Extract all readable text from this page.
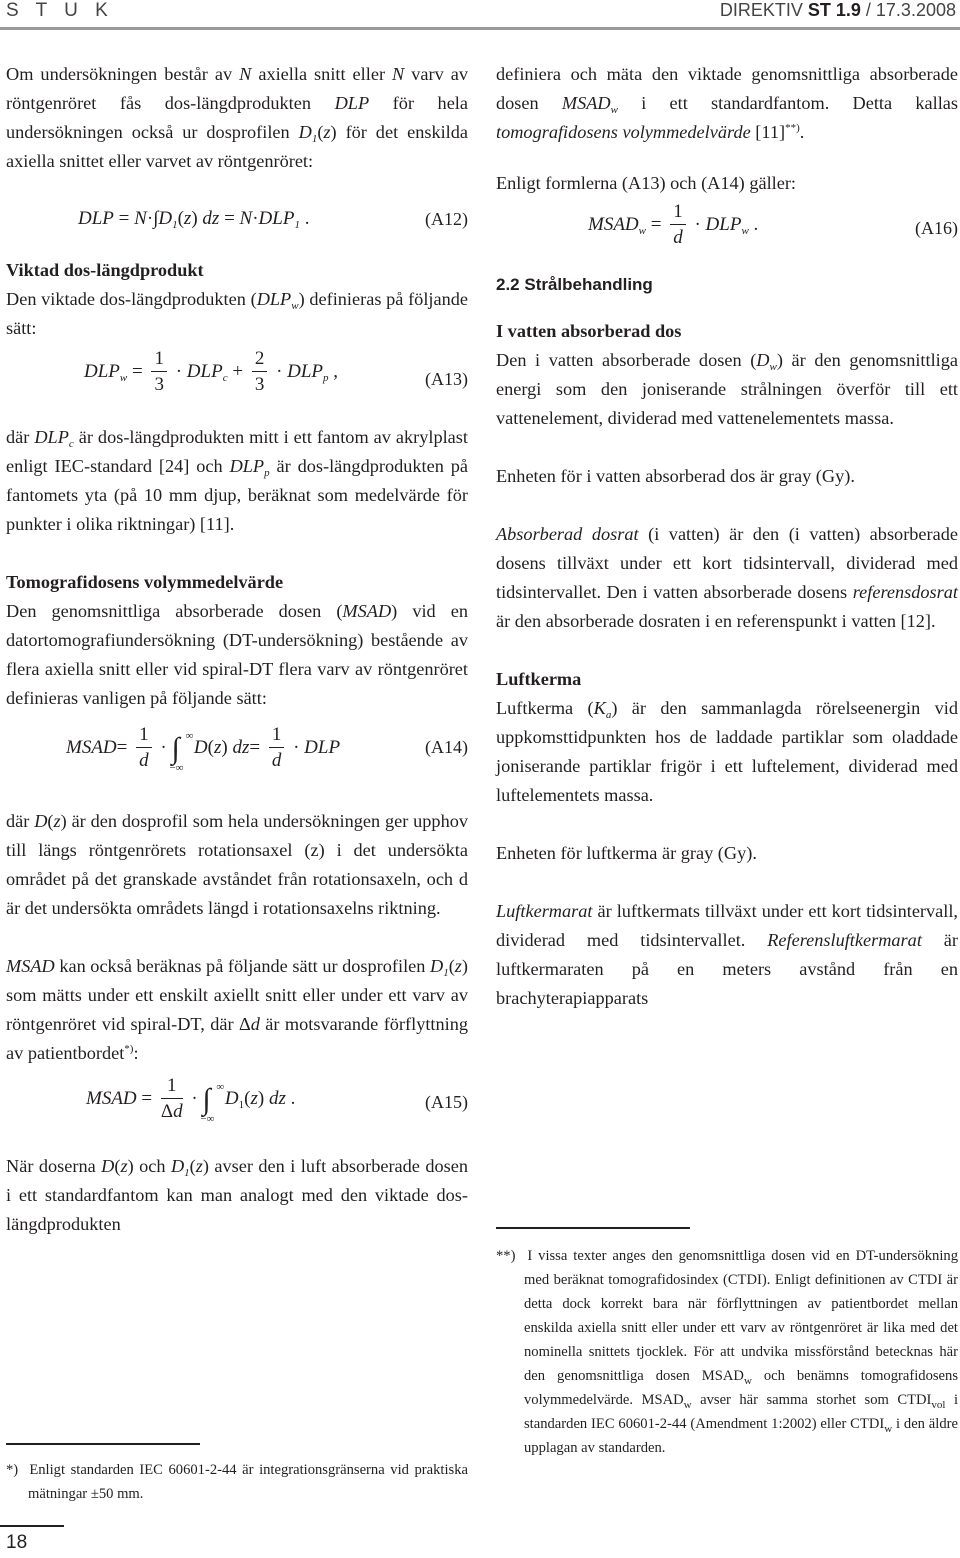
S T U K	DIREKTIV ST 1.9 / 17.3.2008

Om undersökningen består av N axiella snitt eller N varv av röntgenröret fås dos-längdprodukten DLP för hela undersökningen också ur dosprofilen $D_1(z)$ för det enskilda axiella snittet eller varvet av röntgenröret:

DLP = $N\cdot\int D_1(z)$ dz = $N\cdot DLP_1$ .	(A12)

Viktad dos-längdprodukt

Den viktade dos-längdprodukten $(DLP_w)$ definieras på följande sätt:

$DLP_w = \frac{1}{3} \cdot DLP_c + \frac{2}{3} \cdot DLP_p$ ,	(A13)

där $DLP_c$ är dos-längdprodukten mitt i ett fantom av akrylplast enligt IEC-standard [24] och $DLP_p$ är dos-längdprodukten på fantomets yta (på 10 mm djup, beräknat som medelvärde för punkter i olika riktningar) [11].

Tomografidosens volymmedelvärde

Den genomsnittliga absorberade dosen (MSAD) vid en datortomografiundersökning (DT-undersökning) bestående av flera axiella snitt eller vid spiral-DT flera varv av röntgenröret definieras vanligen på följande sätt:

MSAD= $\frac{1}{d}$ · ∫ ∞
−∞
D(z) $dz= \frac{1}{d}$ · DLP	(A14)

där D(z) är den dosprofil som hela undersökningen ger upphov till längs röntgenrörets rotationsaxel (z) i det undersökta området på det granskade avståndet från rotationsaxeln, och d är det undersökta områdets längd i rotationsaxelns riktning.

MSAD kan också beräknas på följande sätt ur dosprofilen $D_1(z)$ som mätts under ett enskilt axiellt snitt eller under ett varv av röntgenröret vid spiral-DT, där Δd är motsvarande förflyttning av patientbordet*):

MSAD = $\frac{1}{\Delta d}$ · ∫ ∞
−∞
$D_1(z)$ dz .	(A15)

När doserna D(z) och $D_1(z)$ avser den i luft absorberade dosen i ett standardfantom kan man analogt med den viktade dos-längdprodukten

*) Enligt standarden IEC 60601-2-44 är integrationsgränserna vid praktiska mätningar ±50 mm.

definiera och mäta den viktade genomsnittliga absorberade dosen $MSAD_w$ i ett standardfantom. Detta kallas tomografidosens volymmedelvärde [11]**).

Enligt formlerna (A13) och (A14) gäller:

$MSAD_w = \frac{1}{d} \cdot DLP_w$ .	(A16)

2.2 Strålbehandling

I vatten absorberad dos

Den i vatten absorberade dosen $(D_w)$ är den genomsnittliga energi som den joniserande strålningen överför till ett vattenelement, dividerad med vattenelementets massa.

Enheten för i vatten absorberad dos är gray (Gy).

Absorberad dosrat (i vatten) är den (i vatten) absorberade dosens tillväxt under ett kort tidsintervall, dividerad med tidsintervallet. Den i vatten absorberade dosens referensdosrat är den absorberade dosraten i en referenspunkt i vatten [12].

Luftkerma

Luftkerma $(K_a)$ är den sammanlagda rörelseenergin vid uppkomsttidpunkten hos de laddade partiklar som oladdade joniserande partiklar frigör i ett luftelement, dividerad med luftelementets massa.

Enheten för luftkerma är gray (Gy).

Luftkermarat är luftkermats tillväxt under ett kort tidsintervall, dividerad med tidsintervallet. Referensluftkermarat är luftkermaraten på en meters avstånd från en brachyterapiapparats

**)  I vissa texter anges den genomsnittliga dosen vid en DT-undersökning med beräknat tomografidosindex (CTDI). Enligt definitionen av CTDI är detta dock korrekt bara när förflyttningen av patientbordet mellan enskilda axiella snitt eller under ett varv av röntgenröret är lika med det nominella snittets tjocklek. För att undvika missförstånd betecknas här den genomsnittliga dosen $MSAD_w$ och benämns tomografidosens volymmedelvärde. $MSAD_w$ avser här samma storhet som $CTDI_{vol}$ i standarden IEC 60601-2-44 (Amendment 1:2002) eller $CTDI_w$ i den äldre upplagan av standarden.

18
